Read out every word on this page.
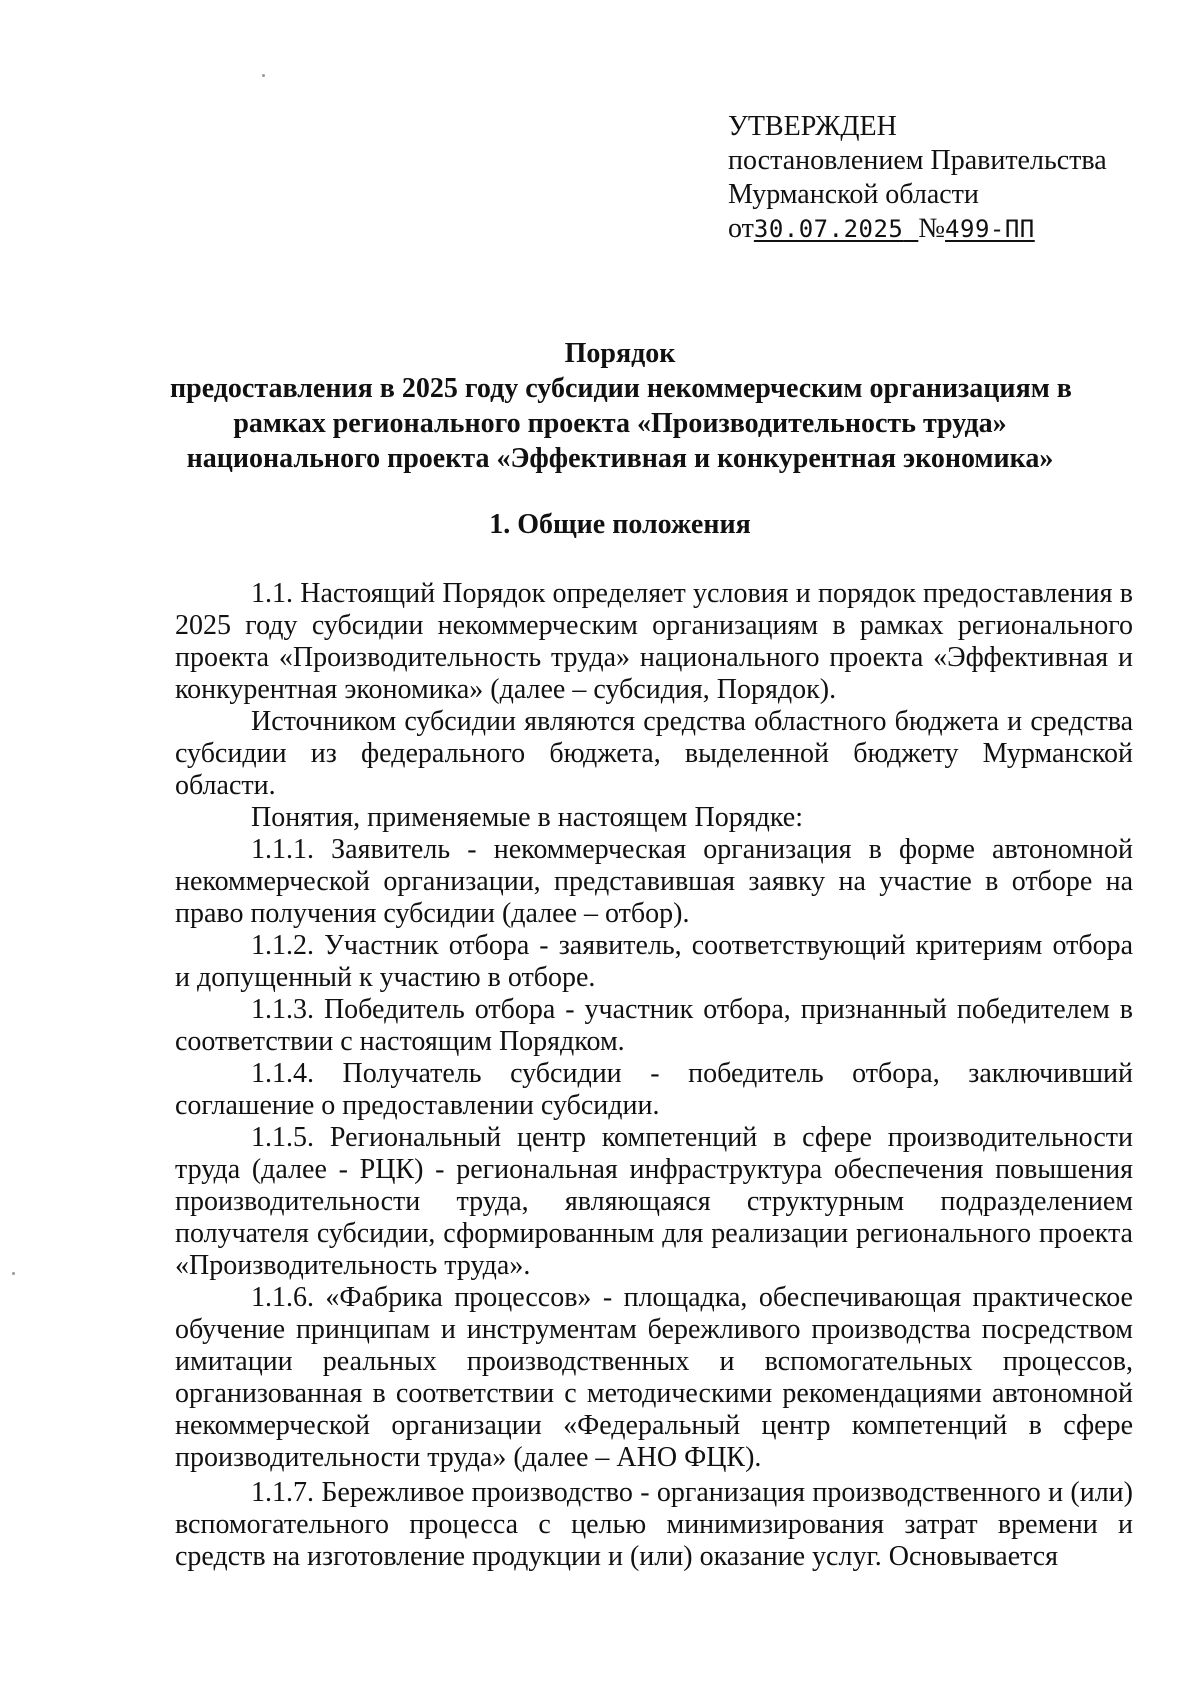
УТВЕРЖДЕН
постановлением Правительства
Мурманской области
от30.07.2025 №499-ПП
Порядок
предоставления в 2025 году субсидии некоммерческим организациям в
рамках регионального проекта «Производительность труда»
национального проекта «Эффективная и конкурентная экономика»
1. Общие положения

1.1. Настоящий Порядок определяет условия и порядок предоставления в 2025 году субсидии некоммерческим организациям в рамках регионального проекта «Производительность труда» национального проекта «Эффективная и конкурентная экономика» (далее – субсидия, Порядок).

Источником субсидии являются средства областного бюджета и средства субсидии из федерального бюджета, выделенной бюджету Мурманской области.

Понятия, применяемые в настоящем Порядке:

1.1.1. Заявитель - некоммерческая организация в форме автономной некоммерческой организации, представившая заявку на участие в отборе на право получения субсидии (далее – отбор).

1.1.2. Участник отбора - заявитель, соответствующий критериям отбора и допущенный к участию в отборе.

1.1.3. Победитель отбора - участник отбора, признанный победителем в соответствии с настоящим Порядком.

1.1.4. Получатель субсидии - победитель отбора, заключивший соглашение о предоставлении субсидии.

1.1.5. Региональный центр компетенций в сфере производительности труда (далее - РЦК) - региональная инфраструктура обеспечения повышения производительности труда, являющаяся структурным подразделением получателя субсидии, сформированным для реализации регионального проекта «Производительность труда».

1.1.6. «Фабрика процессов» - площадка, обеспечивающая практическое обучение принципам и инструментам бережливого производства посредством имитации реальных производственных и вспомогательных процессов, организованная в соответствии с методическими рекомендациями автономной некоммерческой организации «Федеральный центр компетенций в сфере производительности труда» (далее – АНО ФЦК).

1.1.7. Бережливое производство - организация производственного и (или) вспомогательного процесса с целью минимизирования затрат времени и средств на изготовление продукции и (или) оказание услуг. Основывается
